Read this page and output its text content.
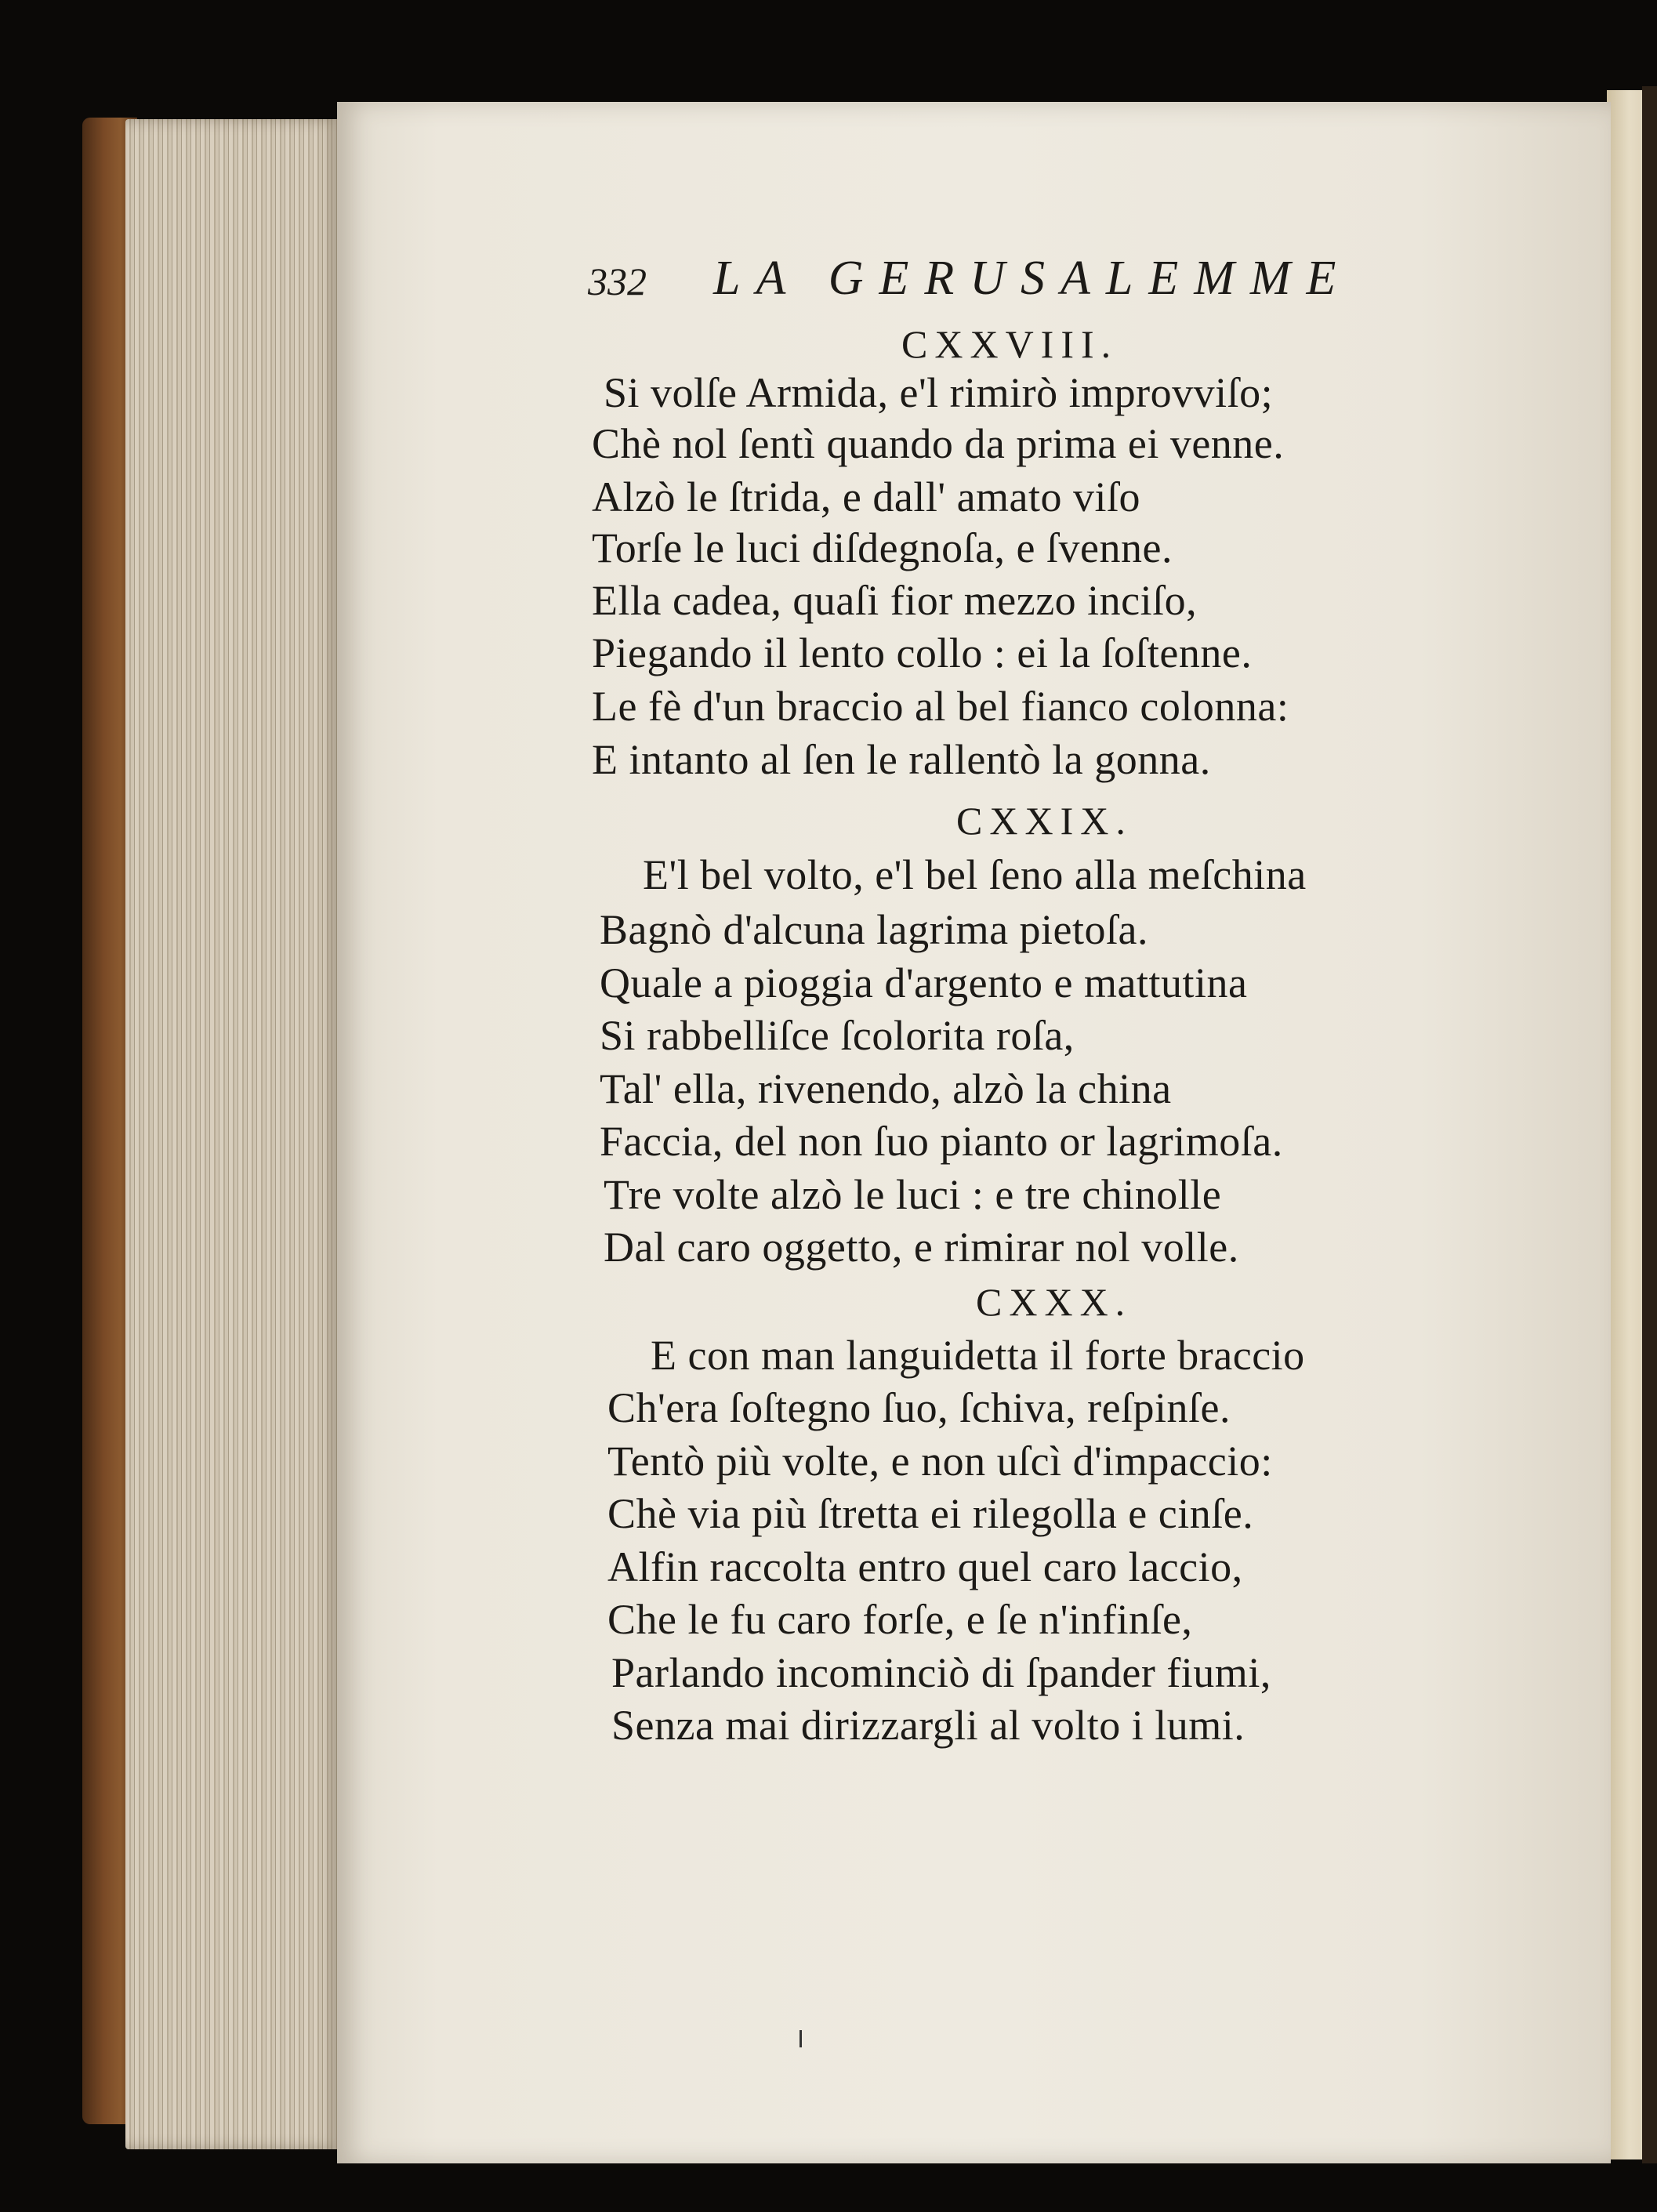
332 LA GERUSALEMME

CXXVIII.

Si volſe Armida, e'l rimirò improvviſo;

Chè nol ſentì quando da prima ei venne.

Alzò le ſtrida, e dall' amato viſo

Torſe le luci diſdegnoſa, e ſvenne.

Ella cadea, quaſi fior mezzo inciſo,

Piegando il lento collo : ei la ſoſtenne.

Le fè d'un braccio al bel fianco colonna:

E intanto al ſen le rallentò la gonna.

CXXIX.

E'l bel volto, e'l bel ſeno alla meſchina

Bagnò d'alcuna lagrima pietoſa.

Quale a pioggia d'argento e mattutina

Si rabbelliſce ſcolorita roſa,

Tal' ella, rivenendo, alzò la china

Faccia, del non ſuo pianto or lagrimoſa.

Tre volte alzò le luci : e tre chinolle

Dal caro oggetto, e rimirar nol volle.

CXXX.

E con man languidetta il forte braccio

Ch'era ſoſtegno ſuo, ſchiva, reſpinſe.

Tentò più volte, e non uſcì d'impaccio:

Chè via più ſtretta ei rilegolla e cinſe.

Alfin raccolta entro quel caro laccio,

Che le fu caro forſe, e ſe n'infinſe,

Parlando incominciò di ſpander fiumi,

Senza mai dirizzargli al volto i lumi.
